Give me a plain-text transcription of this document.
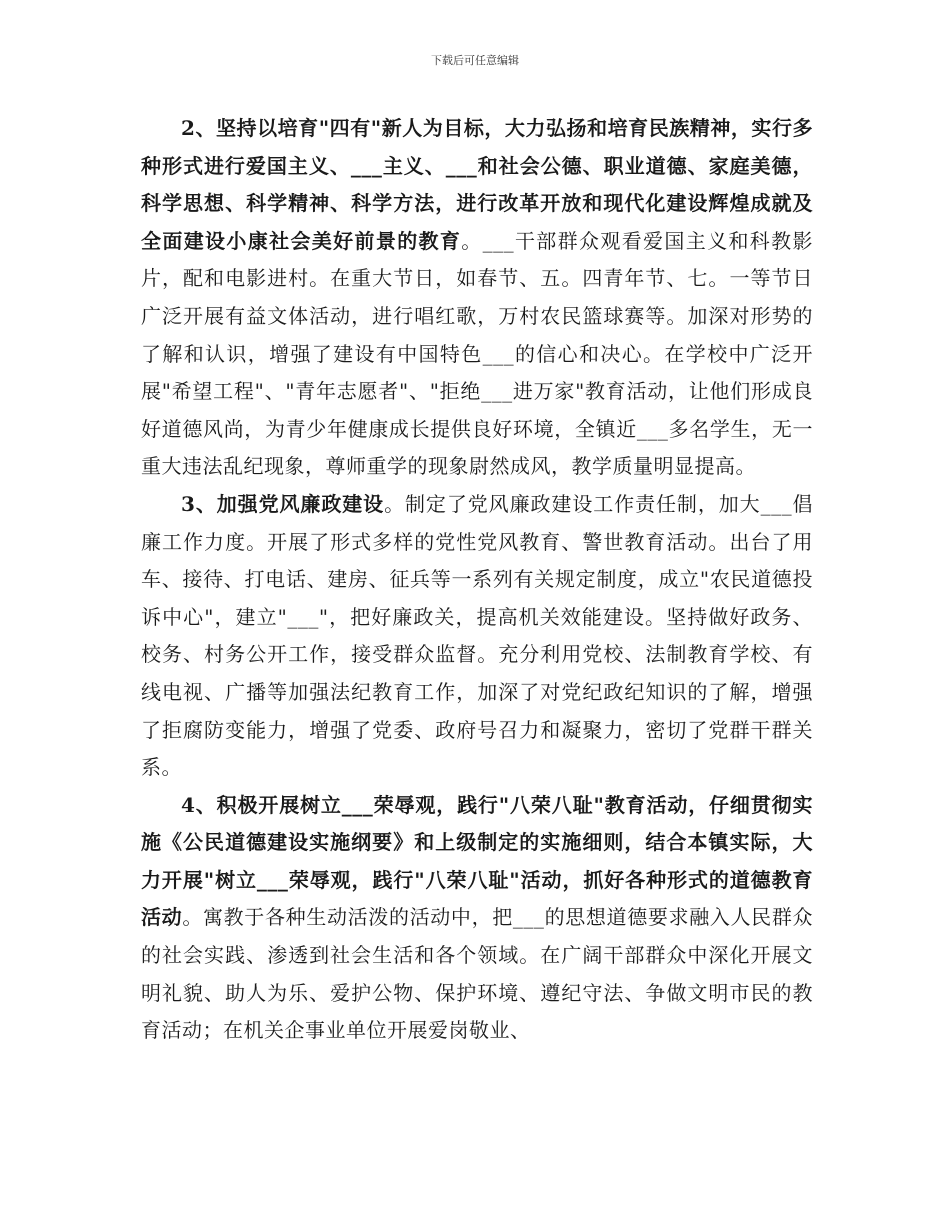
下载后可任意编辑

2、坚持以培育"四有"新人为目标，大力弘扬和培育民族精神，实行多种形式进行爱国主义、___主义、___和社会公德、职业道德、家庭美德，科学思想、科学精神、科学方法，进行改革开放和现代化建设辉煌成就及全面建设小康社会美好前景的教育。___干部群众观看爱国主义和科教影片，配和电影进村。在重大节日，如春节、五。四青年节、七。一等节日广泛开展有益文体活动，进行唱红歌，万村农民篮球赛等。加深对形势的了解和认识，增强了建设有中国特色___的信心和决心。在学校中广泛开展"希望工程"、"青年志愿者"、"拒绝___进万家"教育活动，让他们形成良好道德风尚，为青少年健康成长提供良好环境，全镇近___多名学生，无一重大违法乱纪现象，尊师重学的现象尉然成风，教学质量明显提高。

3、加强党风廉政建设。制定了党风廉政建设工作责任制，加大___倡廉工作力度。开展了形式多样的党性党风教育、警世教育活动。出台了用车、接待、打电话、建房、征兵等一系列有关规定制度，成立"农民道德投诉中心"，建立"___"，把好廉政关，提高机关效能建设。坚持做好政务、校务、村务公开工作，接受群众监督。充分利用党校、法制教育学校、有线电视、广播等加强法纪教育工作，加深了对党纪政纪知识的了解，增强了拒腐防变能力，增强了党委、政府号召力和凝聚力，密切了党群干群关系。

4、积极开展树立___荣辱观，践行"八荣八耻"教育活动，仔细贯彻实施《公民道德建设实施纲要》和上级制定的实施细则，结合本镇实际，大力开展"树立___荣辱观，践行"八荣八耻"活动，抓好各种形式的道德教育活动。寓教于各种生动活泼的活动中，把___的思想道德要求融入人民群众的社会实践、渗透到社会生活和各个领域。在广阔干部群众中深化开展文明礼貌、助人为乐、爱护公物、保护环境、遵纪守法、争做文明市民的教育活动；在机关企事业单位开展爱岗敬业、
